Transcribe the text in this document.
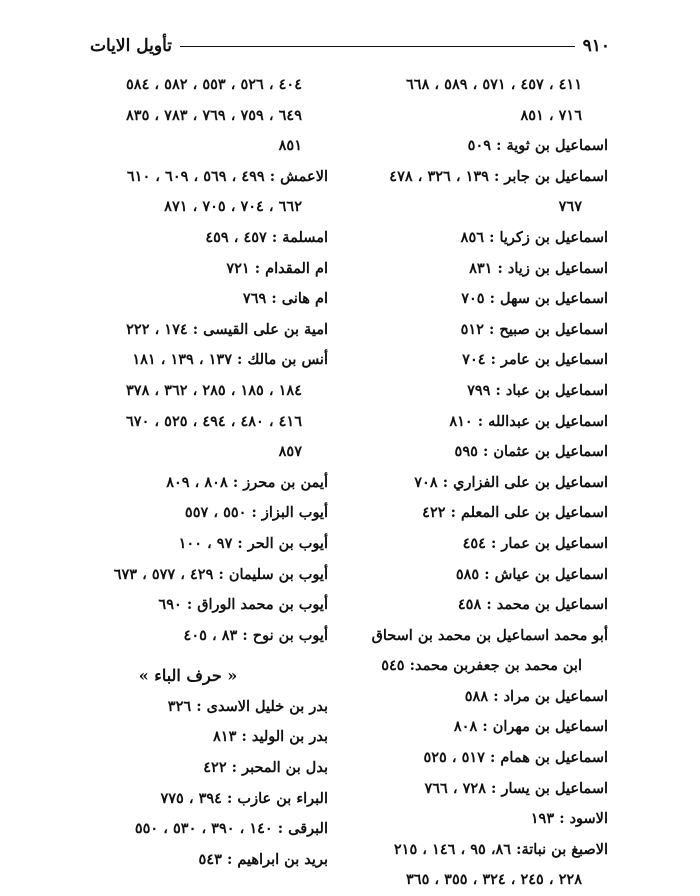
٩١٠
تأويل الايات
٤١١ ، ٤٥٧ ، ٥٧١ ، ٥٨٩ ، ٦٦٨
٧١٦ ، ٨٥١
اسماعيل بن ثوية : ٥٠٩
اسماعيل بن جابر : ١٣٩ ، ٣٢٦ ، ٤٧٨
٧٦٧
اسماعيل بن زكريا : ٨٥٦
اسماعيل بن زياد : ٨٣١
اسماعيل بن سهل : ٧٠٥
اسماعيل بن صبيح : ٥١٢
اسماعيل بن عامر : ٧٠٤
اسماعيل بن عباد : ٧٩٩
اسماعيل بن عبدالله : ٨١٠
اسماعيل بن عثمان : ٥٩٥
اسماعيل بن على الفزاري : ٧٠٨
اسماعيل بن على المعلم : ٤٢٢
اسماعيل بن عمار : ٤٥٤
اسماعيل بن عياش : ٥٨٥
اسماعيل بن محمد : ٤٥٨
أبو محمد اسماعيل بن محمد بن اسحاق
ابن محمد بن جعفربن محمد: ٥٤٥
اسماعيل بن مراد : ٥٨٨
اسماعيل بن مهران : ٨٠٨
اسماعيل بن همام : ٥١٧ ، ٥٢٥
اسماعيل بن يسار : ٧٢٨ ، ٧٦٦
الاسود : ١٩٣
الاصبغ بن نباتة: ٨٦، ٩٥ ، ١٤٦ ، ٢١٥
٢٢٨ ، ٢٤٥ ، ٣٢٤ ، ٣٥٥ ، ٣٦٥
٤٠٤ ، ٥٢٦ ، ٥٥٣ ، ٥٨٢ ، ٥٨٤
٦٤٩ ، ٧٥٩ ، ٧٦٩ ، ٧٨٣ ، ٨٣٥
٨٥١
الاعمش : ٤٩٩ ، ٥٦٩ ، ٦٠٩ ، ٦١٠
٦٦٢ ، ٧٠٤ ، ٧٠٥ ، ٨٧١
امسلمة : ٤٥٧ ، ٤٥٩
ام المقدام : ٧٢١
ام هانى : ٧٦٩
امية بن على القيسى : ١٧٤ ، ٢٢٢
أنس بن مالك : ١٣٧ ، ١٣٩ ، ١٨١
١٨٤ ، ١٨٥ ، ٢٨٥ ، ٣٦٢ ، ٣٧٨
٤١٦ ، ٤٨٠ ، ٤٩٤ ، ٥٢٥ ، ٦٧٠
٨٥٧
أيمن بن محرز : ٨٠٨ ، ٨٠٩
أيوب البزاز : ٥٥٠ ، ٥٥٧
أيوب بن الحر : ٩٧ ، ١٠٠
أيوب بن سليمان : ٤٢٩ ، ٥٧٧ ، ٦٧٣
أيوب بن محمد الوراق : ٦٩٠
أيوب بن نوح : ٨٣ ، ٤٠٥
« حرف الباء »
بدر بن خليل الاسدى : ٣٢٦
بدر بن الوليد : ٨١٣
بدل بن المحبر : ٤٢٢
البراء بن عازب : ٣٩٤ ، ٧٧٥
البرقى : ١٤٠ ، ٣٩٠ ، ٥٣٠ ، ٥٥٠
بريد بن ابراهيم : ٥٤٣
